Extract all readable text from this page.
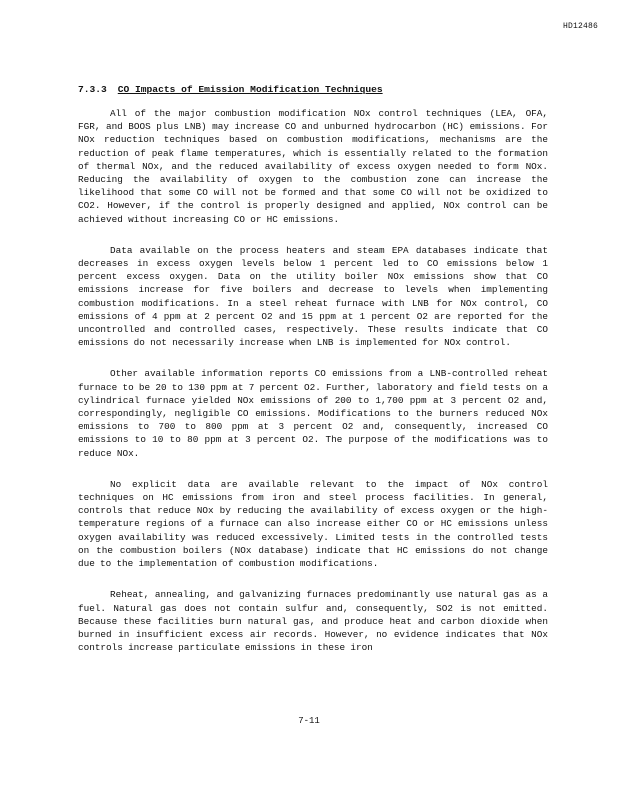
HD12486
7.3.3 CO Impacts of Emission Modification Techniques

All of the major combustion modification NOx control techniques (LEA, OFA, FGR, and BOOS plus LNB) may increase CO and unburned hydrocarbon (HC) emissions. For NOx reduction techniques based on combustion modifications, mechanisms are the reduction of peak flame temperatures, which is essentially related to the formation of thermal NOx, and the reduced availability of excess oxygen needed to form NOx. Reducing the availability of oxygen to the combustion zone can increase the likelihood that some CO will not be formed and that some CO will not be oxidized to CO2. However, if the control is properly designed and applied, NOx control can be achieved without increasing CO or HC emissions.

Data available on the process heaters and steam EPA databases indicate that decreases in excess oxygen levels below 1 percent led to CO emissions below 1 percent excess oxygen. Data on the utility boiler NOx emissions show that CO emissions increase for five boilers and decrease to levels when implementing combustion modifications. In a steel reheat furnace with LNB for NOx control, CO emissions of 4 ppm at 2 percent O2 and 15 ppm at 1 percent O2 are reported for the uncontrolled and controlled cases, respectively. These results indicate that CO emissions do not necessarily increase when LNB is implemented for NOx control.

Other available information reports CO emissions from a LNB-controlled reheat furnace to be 20 to 130 ppm at 7 percent O2. Further, laboratory and field tests on a cylindrical furnace yielded NOx emissions of 200 to 1,700 ppm at 3 percent O2 and, correspondingly, negligible CO emissions. Modifications to the burners reduced NOx emissions to 700 to 800 ppm at 3 percent O2 and, consequently, increased CO emissions to 10 to 80 ppm at 3 percent O2. The purpose of the modifications was to reduce NOx.

No explicit data are available relevant to the impact of NOx control techniques on HC emissions from iron and steel process facilities. In general, controls that reduce NOx by reducing the availability of excess oxygen or the high-temperature regions of a furnace can also increase either CO or HC emissions unless oxygen availability was reduced excessively. Limited tests in the controlled tests on the combustion boilers (NOx database) indicate that HC emissions do not change due to the implementation of combustion modifications.

Reheat, annealing, and galvanizing furnaces predominantly use natural gas as a fuel. Natural gas does not contain sulfur and, consequently, SO2 is not emitted. Because these facilities burn natural gas, and produce heat and carbon dioxide when burned in insufficient excess air records. However, no evidence indicates that NOx controls increase particulate emissions in these iron

7-11
